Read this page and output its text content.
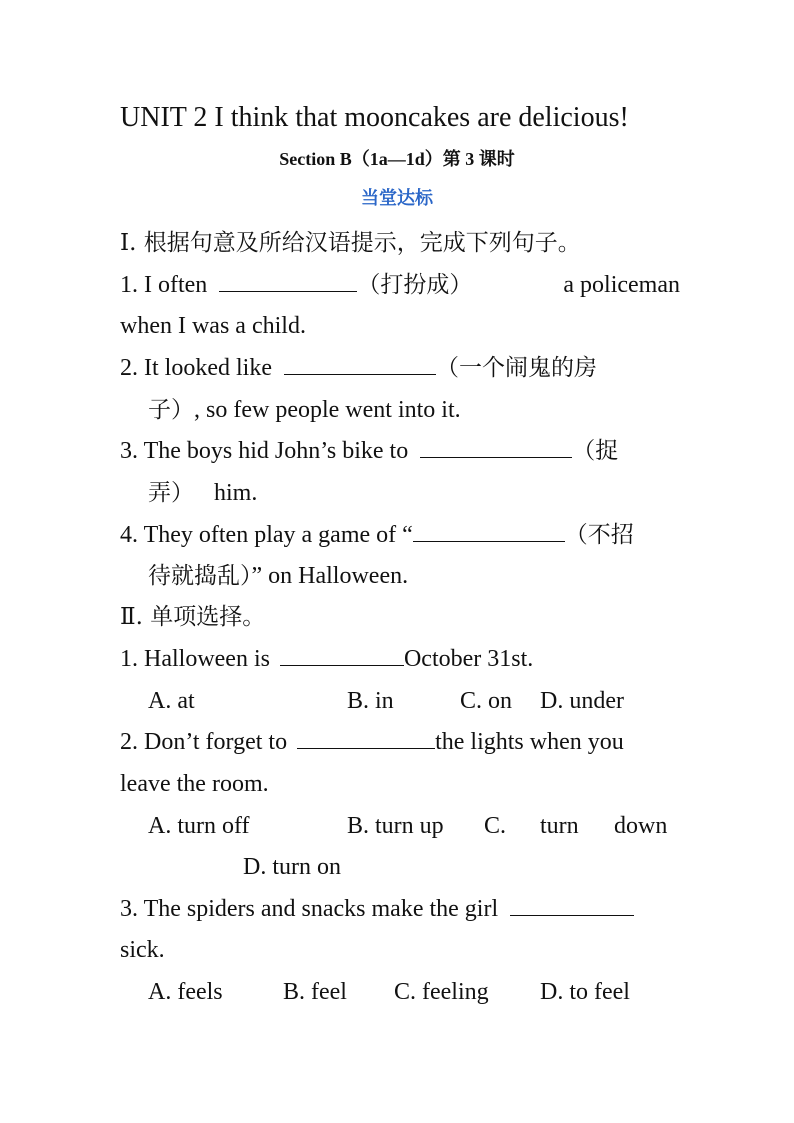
UNIT 2 I think that mooncakes are delicious!
Section B（1a—1d）第 3 课时
当堂达标
Ⅰ. 根据句意及所给汉语提示，完成下列句子。
1. I often	（打扮成）	a policeman
when I was a child.
2. It looked like	（一个闹鬼的房
子）, so few people went into it.
3. The boys hid John’s bike to	（捉
弄） him.
4. They often play a game of “	（不招
待就捣乱）” on Halloween.
Ⅱ. 单项选择。
1. Halloween is	October 31st.
A. at	B. in	C. on D. under
2. Don’t forget to	the lights when you
leave the room.
A. turn off	B. turn up C. turn down
D. turn on
3. The spiders and snacks make the girl
sick.
A. feels	B. feel C. feeling D. to feel
